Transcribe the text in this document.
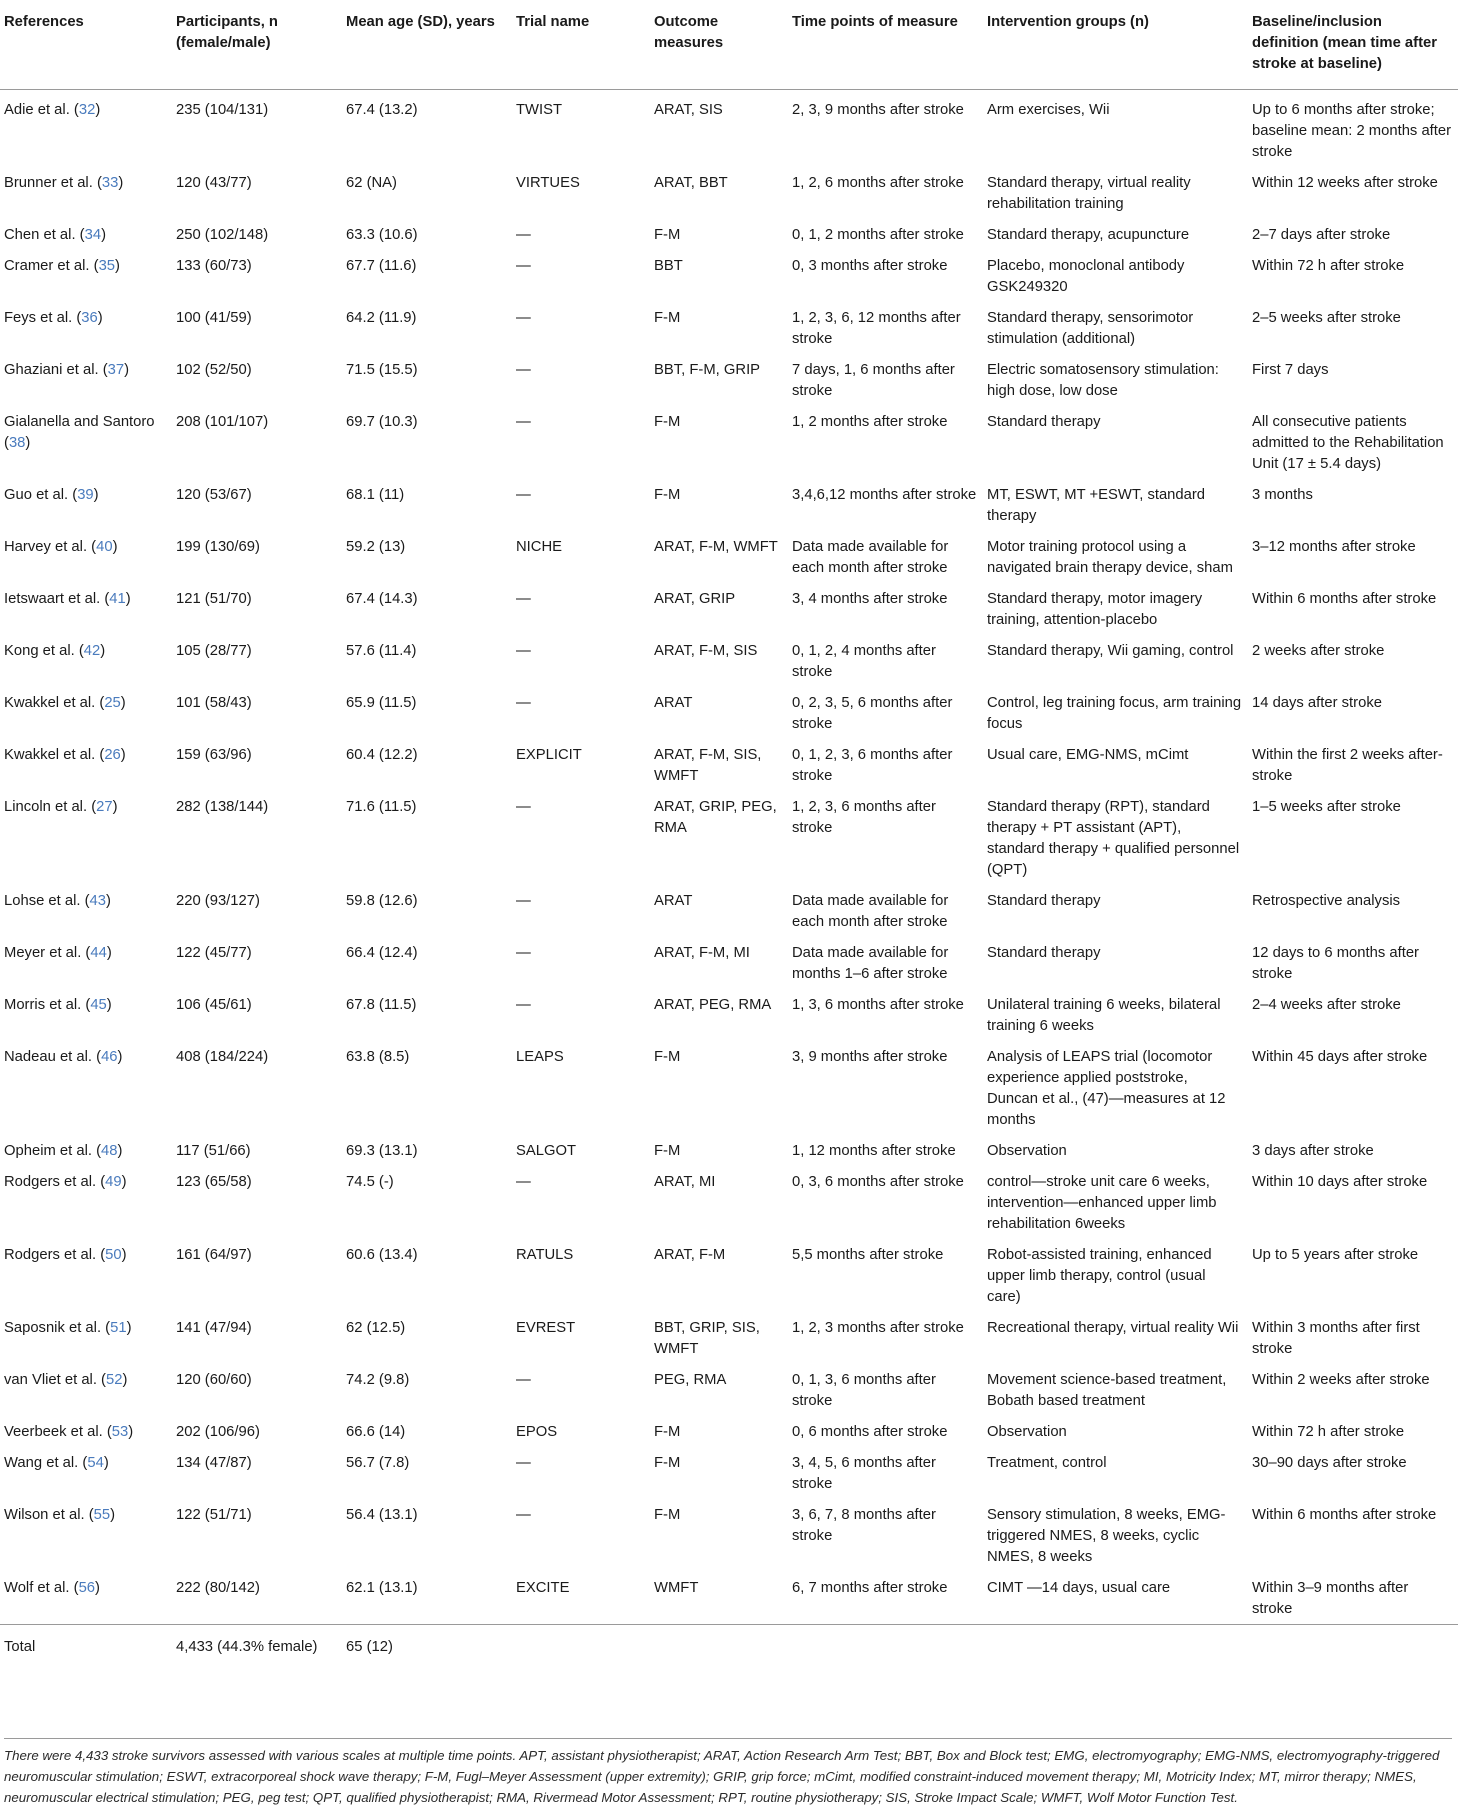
References	Participants, n (female/male)	Mean age (SD), years	Trial name	Outcome measures	Time points of measure	Intervention groups (n)	Baseline/inclusion definition (mean time after stroke at baseline)
Adie et al. (32)	235 (104/131)	67.4 (13.2)	TWIST	ARAT, SIS	2, 3, 9 months after stroke	Arm exercises, Wii	Up to 6 months after stroke; baseline mean: 2 months after stroke
Brunner et al. (33)	120 (43/77)	62 (NA)	VIRTUES	ARAT, BBT	1, 2, 6 months after stroke	Standard therapy, virtual reality rehabilitation training	Within 12 weeks after stroke
Chen et al. (34)	250 (102/148)	63.3 (10.6)	—	F-M	0, 1, 2 months after stroke	Standard therapy, acupuncture	2–7 days after stroke
Cramer et al. (35)	133 (60/73)	67.7 (11.6)	—	BBT	0, 3 months after stroke	Placebo, monoclonal antibody GSK249320	Within 72 h after stroke
Feys et al. (36)	100 (41/59)	64.2 (11.9)	—	F-M	1, 2, 3, 6, 12 months after stroke	Standard therapy, sensorimotor stimulation (additional)	2–5 weeks after stroke
Ghaziani et al. (37)	102 (52/50)	71.5 (15.5)	—	BBT, F-M, GRIP	7 days, 1, 6 months after stroke	Electric somatosensory stimulation: high dose, low dose	First 7 days
Gialanella and Santoro (38)	208 (101/107)	69.7 (10.3)	—	F-M	1, 2 months after stroke	Standard therapy	All consecutive patients admitted to the Rehabilitation Unit (17 ± 5.4 days)
Guo et al. (39)	120 (53/67)	68.1 (11)	—	F-M	3,4,6,12 months after stroke	MT, ESWT, MT +ESWT, standard therapy	3 months
Harvey et al. (40)	199 (130/69)	59.2 (13)	NICHE	ARAT, F-M, WMFT	Data made available for each month after stroke	Motor training protocol using a navigated brain therapy device, sham	3–12 months after stroke
Ietswaart et al. (41)	121 (51/70)	67.4 (14.3)	—	ARAT, GRIP	3, 4 months after stroke	Standard therapy, motor imagery training, attention-placebo	Within 6 months after stroke
Kong et al. (42)	105 (28/77)	57.6 (11.4)	—	ARAT, F-M, SIS	0, 1, 2, 4 months after stroke	Standard therapy, Wii gaming, control	2 weeks after stroke
Kwakkel et al. (25)	101 (58/43)	65.9 (11.5)	—	ARAT	0, 2, 3, 5, 6 months after stroke	Control, leg training focus, arm training focus	14 days after stroke
Kwakkel et al. (26)	159 (63/96)	60.4 (12.2)	EXPLICIT	ARAT, F-M, SIS, WMFT	0, 1, 2, 3, 6 months after stroke	Usual care, EMG-NMS, mCimt	Within the first 2 weeks after-stroke
Lincoln et al. (27)	282 (138/144)	71.6 (11.5)	—	ARAT, GRIP, PEG, RMA	1, 2, 3, 6 months after stroke	Standard therapy (RPT), standard therapy + PT assistant (APT), standard therapy + qualified personnel (QPT)	1–5 weeks after stroke
Lohse et al. (43)	220 (93/127)	59.8 (12.6)	—	ARAT	Data made available for each month after stroke	Standard therapy	Retrospective analysis
Meyer et al. (44)	122 (45/77)	66.4 (12.4)	—	ARAT, F-M, MI	Data made available for months 1–6 after stroke	Standard therapy	12 days to 6 months after stroke
Morris et al. (45)	106 (45/61)	67.8 (11.5)	—	ARAT, PEG, RMA	1, 3, 6 months after stroke	Unilateral training 6 weeks, bilateral training 6 weeks	2–4 weeks after stroke
Nadeau et al. (46)	408 (184/224)	63.8 (8.5)	LEAPS	F-M	3, 9 months after stroke	Analysis of LEAPS trial (locomotor experience applied poststroke, Duncan et al., (47)—measures at 12 months	Within 45 days after stroke
Opheim et al. (48)	117 (51/66)	69.3 (13.1)	SALGOT	F-M	1, 12 months after stroke	Observation	3 days after stroke
Rodgers et al. (49)	123 (65/58)	74.5 (-)	—	ARAT, MI	0, 3, 6 months after stroke	control—stroke unit care 6 weeks, intervention—enhanced upper limb rehabilitation 6weeks	Within 10 days after stroke
Rodgers et al. (50)	161 (64/97)	60.6 (13.4)	RATULS	ARAT, F-M	5,5 months after stroke	Robot-assisted training, enhanced upper limb therapy, control (usual care)	Up to 5 years after stroke
Saposnik et al. (51)	141 (47/94)	62 (12.5)	EVREST	BBT, GRIP, SIS, WMFT	1, 2, 3 months after stroke	Recreational therapy, virtual reality Wii	Within 3 months after first stroke
van Vliet et al. (52)	120 (60/60)	74.2 (9.8)	—	PEG, RMA	0, 1, 3, 6 months after stroke	Movement science-based treatment, Bobath based treatment	Within 2 weeks after stroke
Veerbeek et al. (53)	202 (106/96)	66.6 (14)	EPOS	F-M	0, 6 months after stroke	Observation	Within 72 h after stroke
Wang et al. (54)	134 (47/87)	56.7 (7.8)	—	F-M	3, 4, 5, 6 months after stroke	Treatment, control	30–90 days after stroke
Wilson et al. (55)	122 (51/71)	56.4 (13.1)	—	F-M	3, 6, 7, 8 months after stroke	Sensory stimulation, 8 weeks, EMG-triggered NMES, 8 weeks, cyclic NMES, 8 weeks	Within 6 months after stroke
Wolf et al. (56)	222 (80/142)	62.1 (13.1)	EXCITE	WMFT	6, 7 months after stroke	CIMT —14 days, usual care	Within 3–9 months after stroke
Total	4,433 (44.3% female)	65 (12)					
There were 4,433 stroke survivors assessed with various scales at multiple time points. APT, assistant physiotherapist; ARAT, Action Research Arm Test; BBT, Box and Block test; EMG, electromyography; EMG-NMS, electromyography-triggered neuromuscular stimulation; ESWT, extracorporeal shock wave therapy; F-M, Fugl–Meyer Assessment (upper extremity); GRIP, grip force; mCimt, modified constraint-induced movement therapy; MI, Motricity Index; MT, mirror therapy; NMES, neuromuscular electrical stimulation; PEG, peg test; QPT, qualified physiotherapist; RMA, Rivermead Motor Assessment; RPT, routine physiotherapy; SIS, Stroke Impact Scale; WMFT, Wolf Motor Function Test.
